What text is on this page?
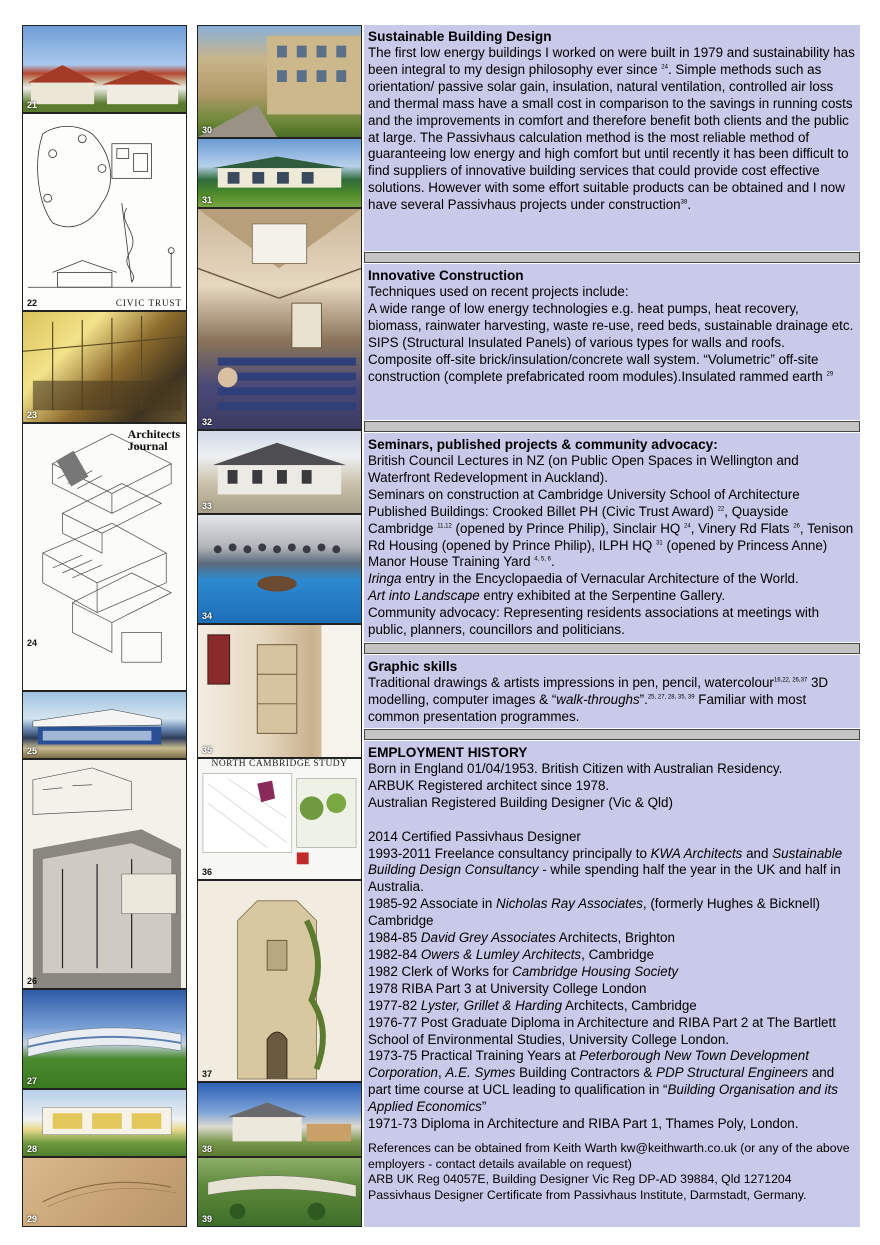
21
CIVIC TRUST
22
23
Architects
Journal
24
25
26
27
28
29
30
31
32
33
34
35
NORTH CAMBRIDGE STUDY
36
37
38
39
Sustainable Building Design

The first low energy buildings I worked on were built in 1979 and sustainability has been integral to my design philosophy ever since $^{24}$. Simple methods such as orientation/ passive solar gain, insulation, natural ventilation, controlled air loss and thermal mass have a small cost in comparison to the savings in running costs and the improvements in comfort and therefore benefit both clients and the public at large. The Passivhaus calculation method is the most reliable method of guaranteeing low energy and high comfort but until recently it has been difficult to find suppliers of innovative building services that could provide cost effective solutions. However with some effort suitable products can be obtained and I now have several Passivhaus projects under construction$^{38}$.

Innovative Construction

Techniques used on recent projects include:

A wide range of low energy technologies e.g. heat pumps, heat recovery, biomass, rainwater harvesting, waste re-use, reed beds, sustainable drainage etc.

SIPS (Structural Insulated Panels) of various types for walls and roofs.

Composite off-site brick/insulation/concrete wall system. “Volumetric” off-site construction (complete prefabricated room modules).Insulated rammed earth $^{29}$

Seminars, published projects & community advocacy:

British Council Lectures in NZ (on Public Open Spaces in Wellington and Waterfront Redevelopment in Auckland).

Seminars on construction at Cambridge University School of Architecture

Published Buildings: Crooked Billet PH (Civic Trust Award) $^{22}$, Quayside Cambridge $^{11,12}$ (opened by Prince Philip), Sinclair HQ $^{24}$, Vinery Rd Flats $^{26}$, Tenison Rd Housing (opened by Prince Philip), ILPH HQ $^{31}$ (opened by Princess Anne) Manor House Training Yard $^{4, 5, 6}$.

Iringa entry in the Encyclopaedia of Vernacular Architecture of the World.

Art into Landscape entry exhibited at the Serpentine Gallery.

Community advocacy: Representing residents associations at meetings with public, planners, councillors and politicians.

Graphic skills

Traditional drawings & artists impressions in pen, pencil, watercolour$^{16,22, 26,37}$ 3D modelling, computer images & “walk-throughs”.$^{25, 27, 28, 35, 39}$ Familiar with most common presentation programmes.

EMPLOYMENT HISTORY

Born in England 01/04/1953. British Citizen with Australian Residency.

ARBUK Registered architect since 1978.

Australian Registered Building Designer (Vic & Qld)

2014 Certified Passivhaus Designer

1993-2011 Freelance consultancy principally to KWA Architects and Sustainable Building Design Consultancy - while spending half the year in the UK and half in Australia.

1985-92 Associate in Nicholas Ray Associates, (formerly Hughes & Bicknell) Cambridge

1984-85 David Grey Associates Architects, Brighton

1982-84 Owers & Lumley Architects, Cambridge

1982 Clerk of Works for Cambridge Housing Society

1978 RIBA Part 3 at University College London

1977-82 Lyster, Grillet & Harding Architects, Cambridge

1976-77 Post Graduate Diploma in Architecture and RIBA Part 2 at The Bartlett School of Environmental Studies, University College London.

1973-75 Practical Training Years at Peterborough New Town Development Corporation, A.E. Symes Building Contractors & PDP Structural Engineers and part time course at UCL leading to qualification in “Building Organisation and its Applied Economics”

1971-73 Diploma in Architecture and RIBA Part 1, Thames Poly, London.

References can be obtained from Keith Warth kw@keithwarth.co.uk (or any of the above employers - contact details available on request)

ARB UK Reg 04057E, Building Designer Vic Reg DP-AD 39884, Qld 1271204

Passivhaus Designer Certificate from Passivhaus Institute, Darmstadt, Germany.
